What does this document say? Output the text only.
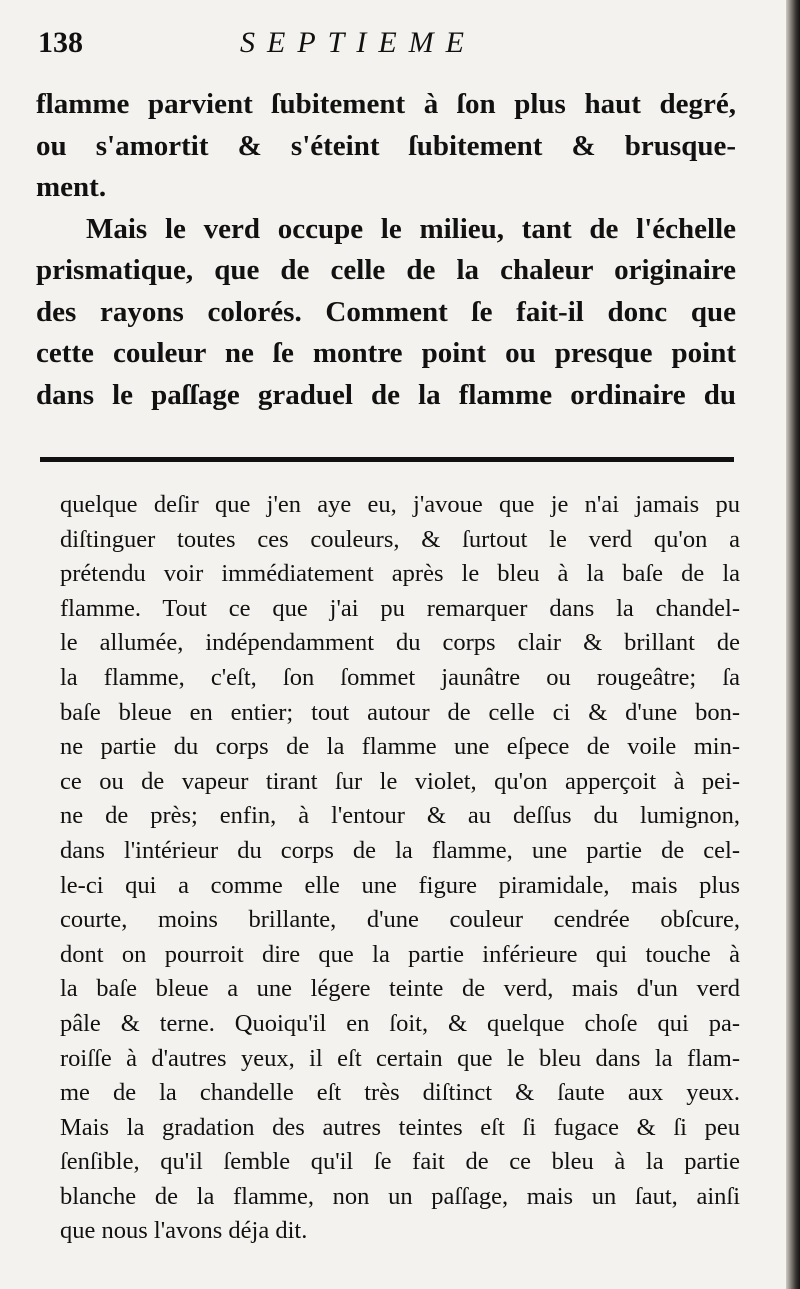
138	SEPTIEME

flamme parvient ſubitement à ſon plus haut degré,
ou s'amortit & s'éteint ſubitement & brusque-
ment.

Mais le verd occupe le milieu, tant de l'échelle
prismatique, que de celle de la chaleur originaire
des rayons colorés. Comment ſe fait-il donc que
cette couleur ne ſe montre point ou presque point
dans le paſſage graduel de la flamme ordinaire du

quelque deſir que j'en aye eu, j'avoue que je n'ai jamais pu
diſtinguer toutes ces couleurs, & ſurtout le verd qu'on a
prétendu voir immédiatement après le bleu à la baſe de la
flamme. Tout ce que j'ai pu remarquer dans la chandel-
le allumée, indépendamment du corps clair & brillant de
la flamme, c'eſt, ſon ſommet jaunâtre ou rougeâtre; ſa
baſe bleue en entier; tout autour de celle ci & d'une bon-
ne partie du corps de la flamme une eſpece de voile min-
ce ou de vapeur tirant ſur le violet, qu'on apperçoit à pei-
ne de près; enfin, à l'entour & au deſſus du lumignon,
dans l'intérieur du corps de la flamme, une partie de cel-
le-ci qui a comme elle une figure piramidale, mais plus
courte, moins brillante, d'une couleur cendrée obſcure,
dont on pourroit dire que la partie inférieure qui touche à
la baſe bleue a une légere teinte de verd, mais d'un verd
pâle & terne. Quoiqu'il en ſoit, & quelque choſe qui pa-
roiſſe à d'autres yeux, il eſt certain que le bleu dans la flam-
me de la chandelle eſt très diſtinct & ſaute aux yeux.
Mais la gradation des autres teintes eſt ſi fugace & ſi peu
ſenſible, qu'il ſemble qu'il ſe fait de ce bleu à la partie
blanche de la flamme, non un paſſage, mais un ſaut, ainſi
que nous l'avons déja dit.
